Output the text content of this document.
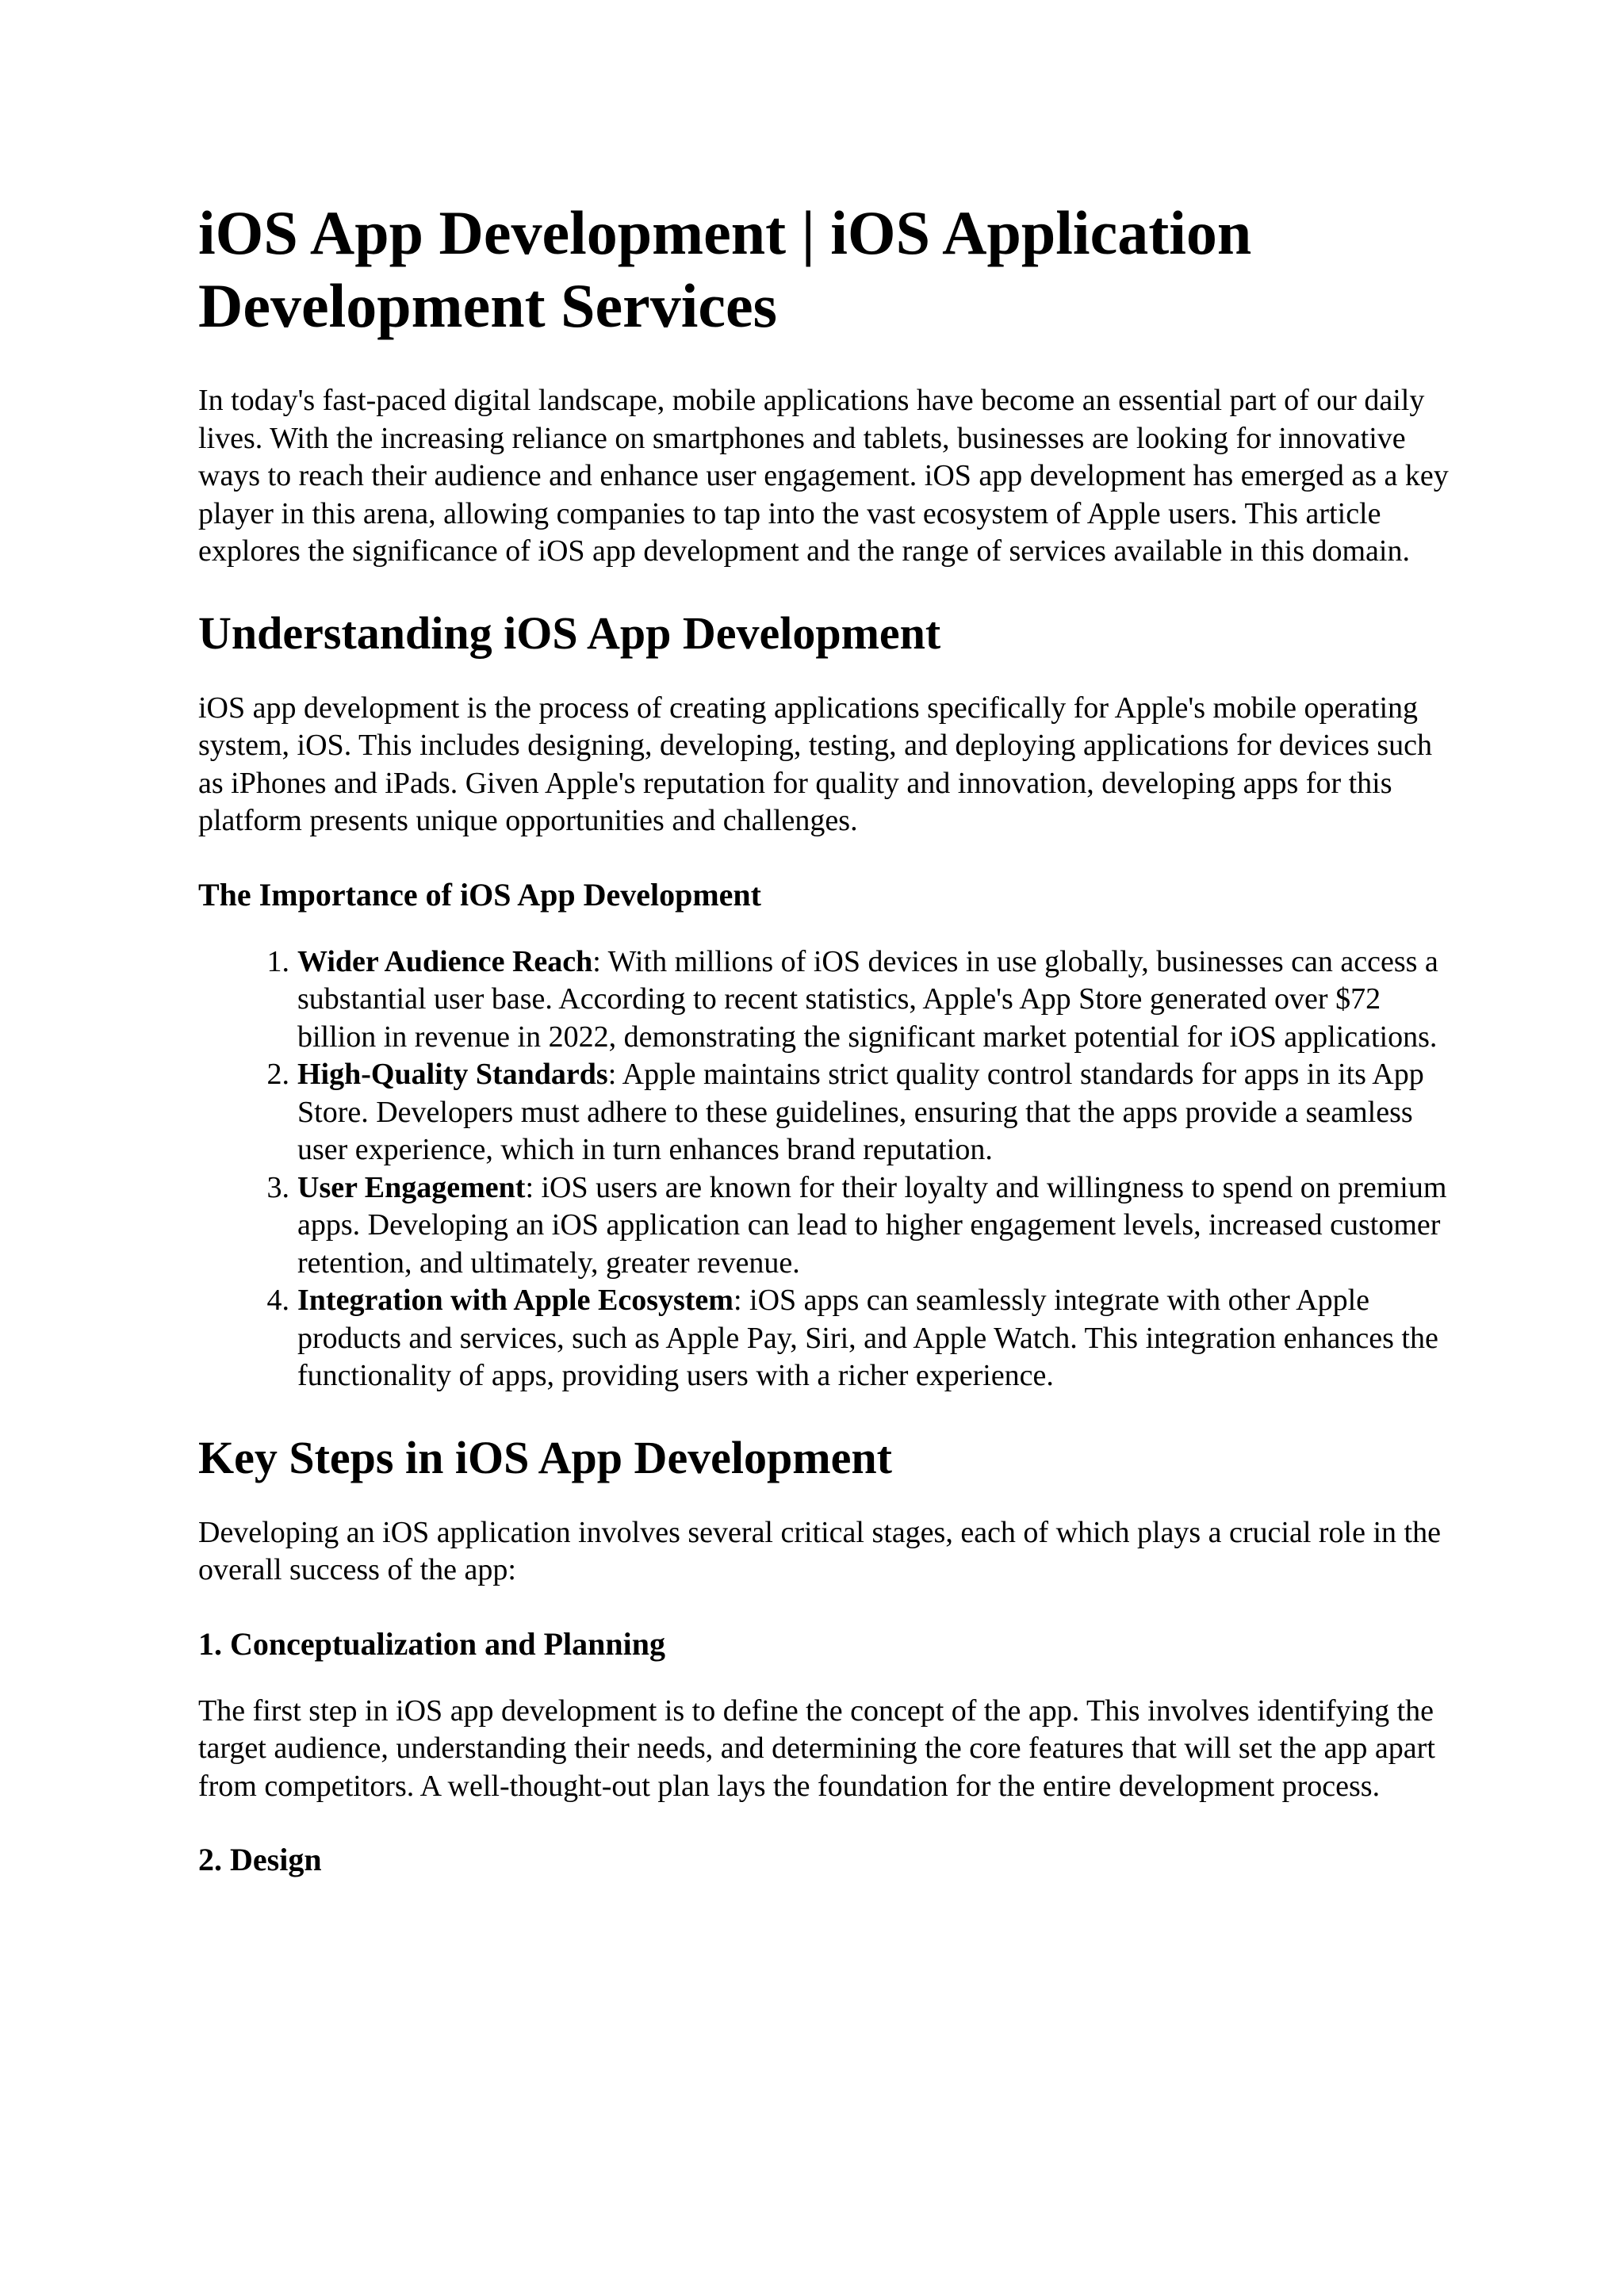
iOS App Development | iOS Application Development Services

In today's fast-paced digital landscape, mobile applications have become an essential part of our daily lives. With the increasing reliance on smartphones and tablets, businesses are looking for innovative ways to reach their audience and enhance user engagement. iOS app development has emerged as a key player in this arena, allowing companies to tap into the vast ecosystem of Apple users. This article explores the significance of iOS app development and the range of services available in this domain.

Understanding iOS App Development

iOS app development is the process of creating applications specifically for Apple's mobile operating system, iOS. This includes designing, developing, testing, and deploying applications for devices such as iPhones and iPads. Given Apple's reputation for quality and innovation, developing apps for this platform presents unique opportunities and challenges.

The Importance of iOS App Development
1. Wider Audience Reach: With millions of iOS devices in use globally, businesses can access a substantial user base. According to recent statistics, Apple's App Store generated over $72 billion in revenue in 2022, demonstrating the significant market potential for iOS applications.
2. High-Quality Standards: Apple maintains strict quality control standards for apps in its App Store. Developers must adhere to these guidelines, ensuring that the apps provide a seamless user experience, which in turn enhances brand reputation.
3. User Engagement: iOS users are known for their loyalty and willingness to spend on premium apps. Developing an iOS application can lead to higher engagement levels, increased customer retention, and ultimately, greater revenue.
4. Integration with Apple Ecosystem: iOS apps can seamlessly integrate with other Apple products and services, such as Apple Pay, Siri, and Apple Watch. This integration enhances the functionality of apps, providing users with a richer experience.
Key Steps in iOS App Development

Developing an iOS application involves several critical stages, each of which plays a crucial role in the overall success of the app:

1. Conceptualization and Planning

The first step in iOS app development is to define the concept of the app. This involves identifying the target audience, understanding their needs, and determining the core features that will set the app apart from competitors. A well-thought-out plan lays the foundation for the entire development process.

2. Design
